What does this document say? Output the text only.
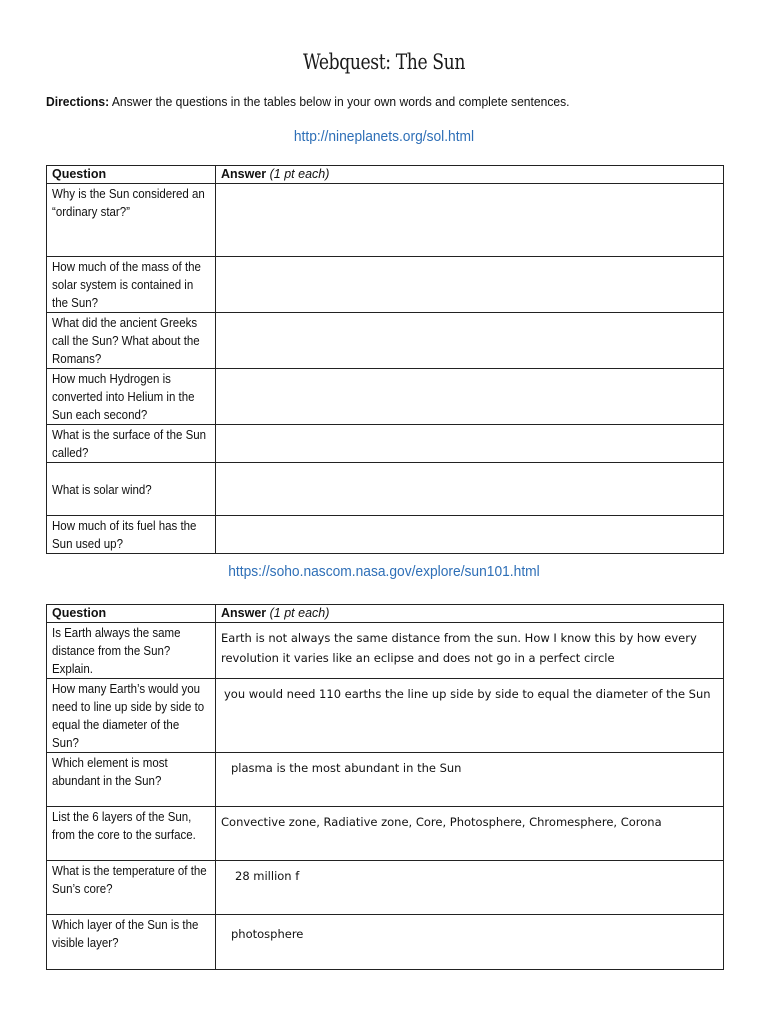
Webquest: The Sun
Directions: Answer the questions in the tables below in your own words and complete sentences.
http://nineplanets.org/sol.html
Question	Answer (1 pt each)

Why is the Sun considered an “ordinary star?”	

How much of the mass of the solar system is contained in the Sun?	

What did the ancient Greeks call the Sun? What about the Romans?	

How much Hydrogen is converted into Helium in the Sun each second?	

What is the surface of the Sun called?	

What is solar wind?	

How much of its fuel has the Sun used up?	

https://soho.nascom.nasa.gov/explore/sun101.html
Question	Answer (1 pt each)

Is Earth always the same distance from the Sun? Explain.	Earth is not always the same distance from the sun. How I know this by how every revolution it varies like an eclipse and does not go in a perfect circle

How many Earth’s would you need to line up side by side to equal the diameter of the Sun?	you would need 110 earths the line up side by side to equal the diameter of the Sun

Which element is most abundant in the Sun?	plasma is the most abundant in the Sun

List the 6 layers of the Sun, from the core to the surface.	Convective zone, Radiative zone, Core, Photosphere, Chromesphere, Corona

What is the temperature of the Sun’s core?	28 million f

Which layer of the Sun is the visible layer?	photosphere
